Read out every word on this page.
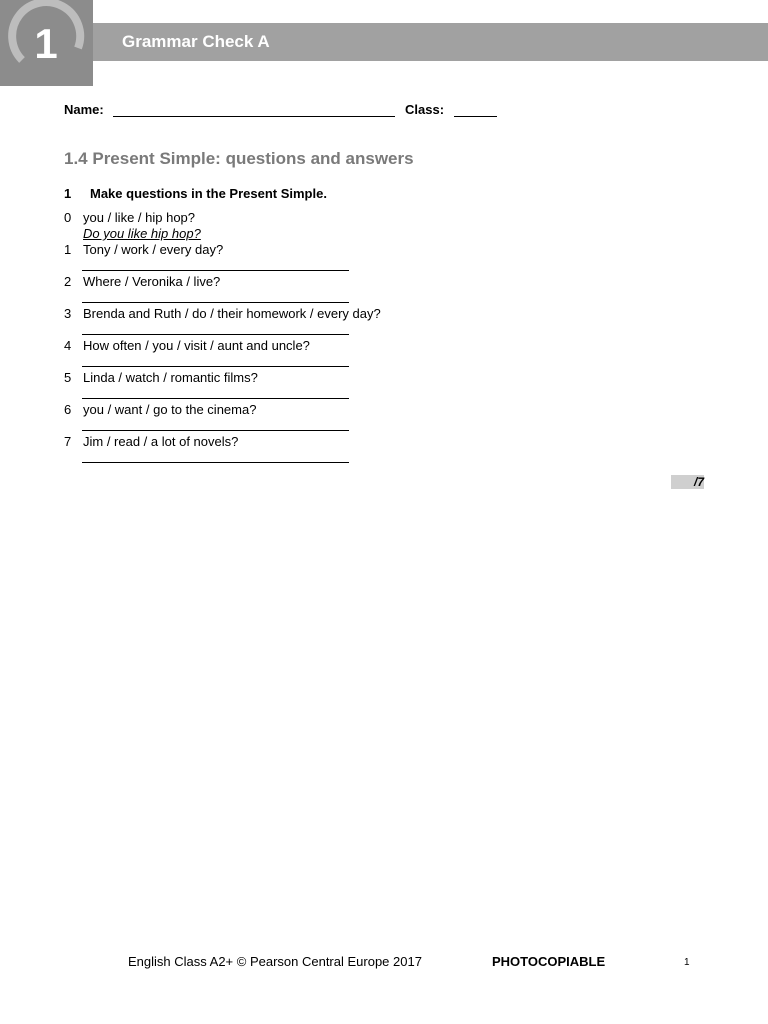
1	Grammar Check A
Name:	Class:
1.4 Present Simple: questions and answers
1 Make questions in the Present Simple.
0 you / like / hip hop?
Do you like hip hop?
1 Tony / work / every day?
2 Where / Veronika / live?
3 Brenda and Ruth / do / their homework / every day?
4 How often / you / visit / aunt and uncle?
5 Linda / watch / romantic films?
6 you / want / go to the cinema?
7 Jim / read / a lot of novels?
/7
English Class A2+ © Pearson Central Europe 2017	PHOTOCOPIABLE	1
